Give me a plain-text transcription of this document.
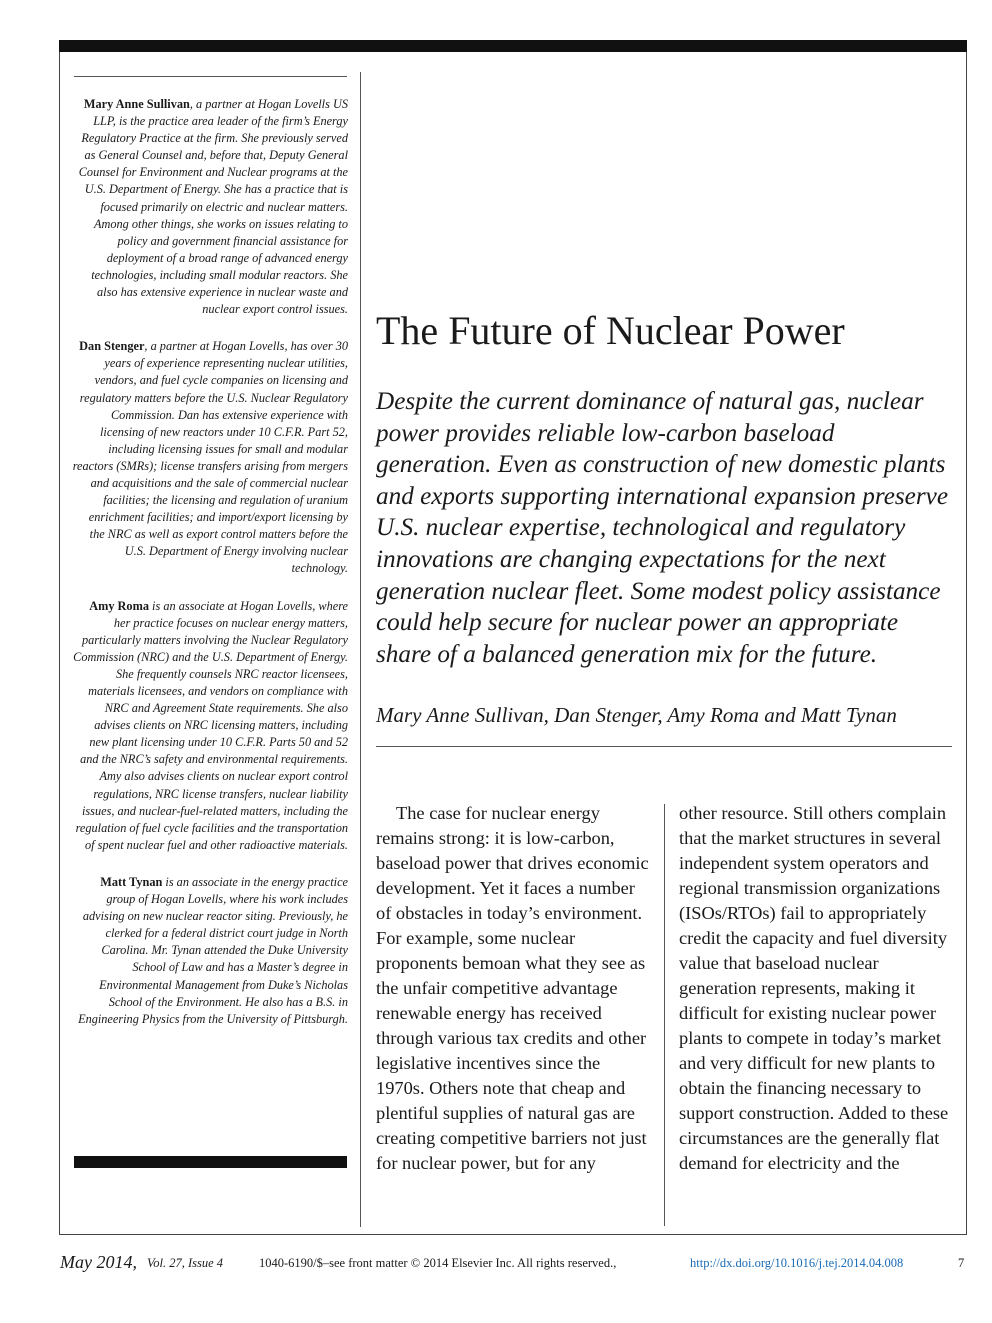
Mary Anne Sullivan, a partner at Hogan Lovells US LLP, is the practice area leader of the firm’s Energy Regulatory Practice at the firm. She previously served as General Counsel and, before that, Deputy General Counsel for Environment and Nuclear programs at the U.S. Department of Energy. She has a practice that is focused primarily on electric and nuclear matters. Among other things, she works on issues relating to policy and government financial assistance for deployment of a broad range of advanced energy technologies, including small modular reactors. She also has extensive experience in nuclear waste and nuclear export control issues.

Dan Stenger, a partner at Hogan Lovells, has over 30 years of experience representing nuclear utilities, vendors, and fuel cycle companies on licensing and regulatory matters before the U.S. Nuclear Regulatory Commission. Dan has extensive experience with licensing of new reactors under 10 C.F.R. Part 52, including licensing issues for small and modular reactors (SMRs); license transfers arising from mergers and acquisitions and the sale of commercial nuclear facilities; the licensing and regulation of uranium enrichment facilities; and import/export licensing by the NRC as well as export control matters before the U.S. Department of Energy involving nuclear technology.

Amy Roma is an associate at Hogan Lovells, where her practice focuses on nuclear energy matters, particularly matters involving the Nuclear Regulatory Commission (NRC) and the U.S. Department of Energy. She frequently counsels NRC reactor licensees, materials licensees, and vendors on compliance with NRC and Agreement State requirements. She also advises clients on NRC licensing matters, including new plant licensing under 10 C.F.R. Parts 50 and 52 and the NRC’s safety and environmental requirements. Amy also advises clients on nuclear export control regulations, NRC license transfers, nuclear liability issues, and nuclear-fuel-related matters, including the regulation of fuel cycle facilities and the transportation of spent nuclear fuel and other radioactive materials.

Matt Tynan is an associate in the energy practice group of Hogan Lovells, where his work includes advising on new nuclear reactor siting. Previously, he clerked for a federal district court judge in North Carolina. Mr. Tynan attended the Duke University School of Law and has a Master’s degree in Environmental Management from Duke’s Nicholas School of the Environment. He also has a B.S. in Engineering Physics from the University of Pittsburgh.

The Future of Nuclear Power

Despite the current dominance of natural gas, nuclear power provides reliable low-carbon baseload generation. Even as construction of new domestic plants and exports supporting international expansion preserve U.S. nuclear expertise, technological and regulatory innovations are changing expectations for the next generation nuclear fleet. Some modest policy assistance could help secure for nuclear power an appropriate share of a balanced generation mix for the future.

Mary Anne Sullivan, Dan Stenger, Amy Roma and Matt Tynan

The case for nuclear energy remains strong: it is low-carbon, baseload power that drives economic development. Yet it faces a number of obstacles in today’s environment. For example, some nuclear proponents bemoan what they see as the unfair competitive advantage renewable energy has received through various tax credits and other legislative incentives since the 1970s. Others note that cheap and plentiful supplies of natural gas are creating competitive barriers not just for nuclear power, but for any

other resource. Still others complain that the market structures in several independent system operators and regional transmission organizations (ISOs/RTOs) fail to appropriately credit the capacity and fuel diversity value that baseload nuclear generation represents, making it difficult for existing nuclear power plants to compete in today’s market and very difficult for new plants to obtain the financing necessary to support construction. Added to these circumstances are the generally flat demand for electricity and the

May 2014, Vol. 27, Issue 4	1040-6190/$–see front matter © 2014 Elsevier Inc. All rights reserved.,	http://dx.doi.org/10.1016/j.tej.2014.04.008	7
